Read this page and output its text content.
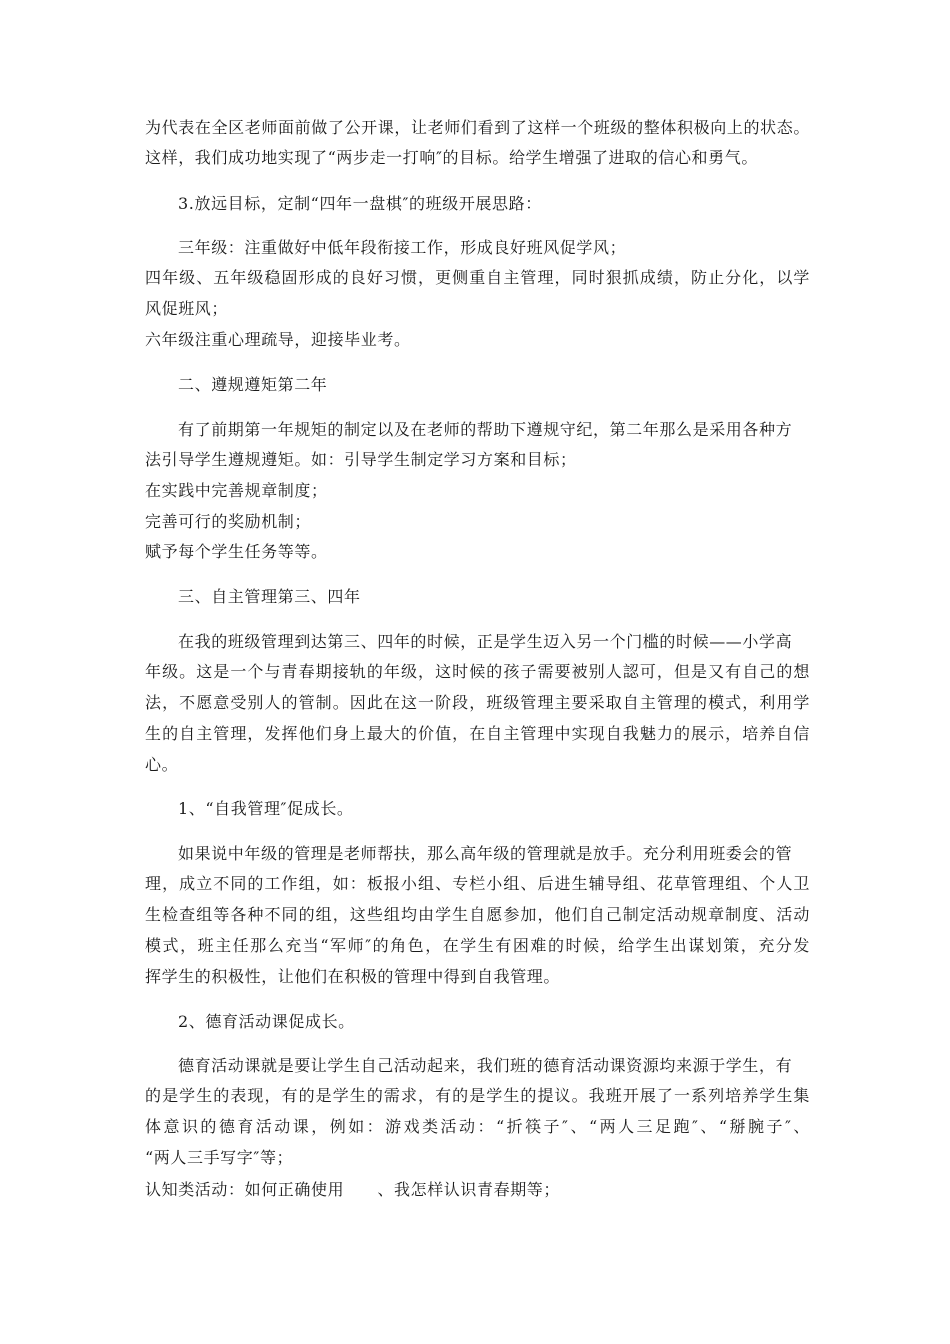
为代表在全区老师面前做了公开课，让老师们看到了这样一个班级的整体积极向上的状态。
这样，我们成功地实现了“两步走一打响″的目标。给学生增强了进取的信心和勇气。
3.放远目标，定制“四年一盘棋″的班级开展思路：
三年级：注重做好中低年段衔接工作，形成良好班风促学风；
四年级、五年级稳固形成的良好习惯，更侧重自主管理，同时狠抓成绩，防止分化，以学
风促班风；
六年级注重心理疏导，迎接毕业考。
二、遵规遵矩第二年
有了前期第一年规矩的制定以及在老师的帮助下遵规守纪，第二年那么是采用各种方
法引导学生遵规遵矩。如：引导学生制定学习方案和目标；
在实践中完善规章制度；
完善可行的奖励机制；
赋予每个学生任务等等。
三、自主管理第三、四年
在我的班级管理到达第三、四年的时候，正是学生迈入另一个门槛的时候——小学高
年级。这是一个与青春期接轨的年级，这时候的孩子需要被别人認可，但是又有自己的想
法，不愿意受别人的管制。因此在这一阶段，班级管理主要采取自主管理的模式，利用学
生的自主管理，发挥他们身上最大的价值，在自主管理中实现自我魅力的展示，培养自信
心。
1、“自我管理″促成长。
如果说中年级的管理是老师帮扶，那么高年级的管理就是放手。充分利用班委会的管
理，成立不同的工作组，如：板报小组、专栏小组、后进生辅导组、花草管理组、个人卫
生检查组等各种不同的组，这些组均由学生自愿参加，他们自己制定活动规章制度、活动
模式，班主任那么充当“军师″的角色，在学生有困难的时候，给学生出谋划策，充分发
挥学生的积极性，让他们在积极的管理中得到自我管理。
2、德育活动课促成长。
德育活动课就是要让学生自己活动起来，我们班的德育活动课资源均来源于学生，有
的是学生的表现，有的是学生的需求，有的是学生的提议。我班开展了一系列培养学生集
体意识的德育活动课，例如：游戏类活动：“折筷子″、“两人三足跑″、“掰腕子″、
“两人三手写字″等；
认知类活动：如何正确使用　　、我怎样认识青春期等；
